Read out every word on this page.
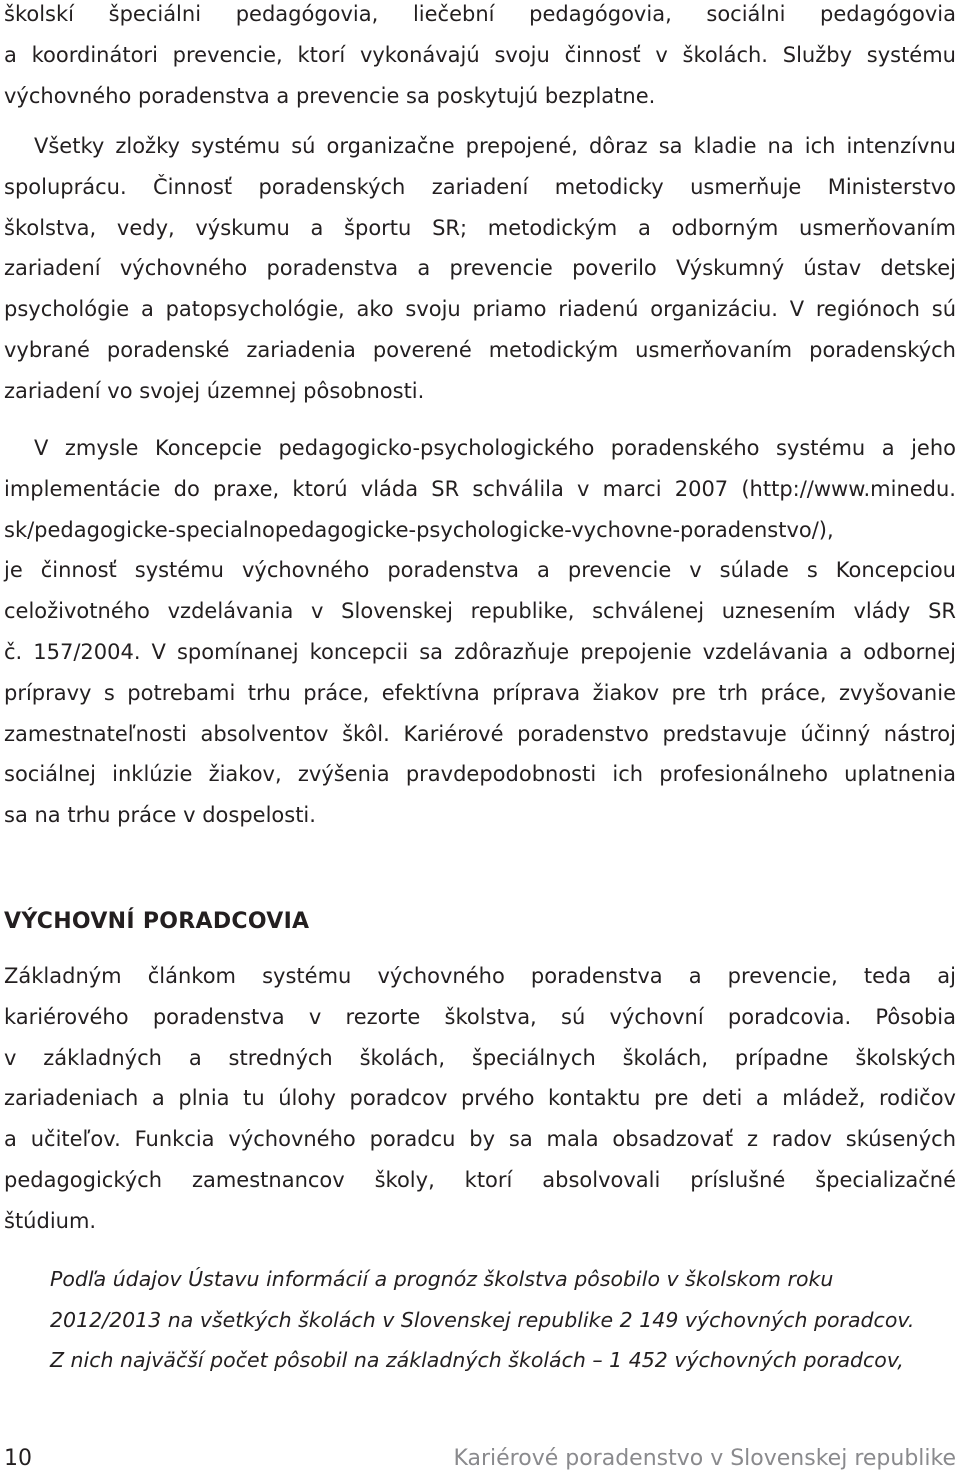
školskí špeciálni pedagógovia, liečební pedagógovia, sociálni pedagógovia
a koordinátori prevencie, ktorí vykonávajú svoju činnosť v školách. Služby systému
výchovného poradenstva a prevencie sa poskytujú bezplatne.
Všetky zložky systému sú organizačne prepojené, dôraz sa kladie na ich intenzívnu
spoluprácu. Činnosť poradenských zariadení metodicky usmerňuje Ministerstvo
školstva, vedy, výskumu a športu SR; metodickým a odborným usmerňovaním
zariadení výchovného poradenstva a prevencie poverilo Výskumný ústav detskej
psychológie a patopsychológie, ako svoju priamo riadenú organizáciu. V regiónoch sú
vybrané poradenské zariadenia poverené metodickým usmerňovaním poradenských
zariadení vo svojej územnej pôsobnosti.
V zmysle Koncepcie pedagogicko-psychologického poradenského systému a jeho
implementácie do praxe, ktorú vláda SR schválila v marci 2007 (http://www.minedu.
sk/pedagogicke-specialnopedagogicke-psychologicke-vychovne-poradenstvo/),
je činnosť systému výchovného poradenstva a prevencie v súlade s Koncepciou
celoživotného vzdelávania v Slovenskej republike, schválenej uznesením vlády SR
č. 157/2004. V spomínanej koncepcii sa zdôrazňuje prepojenie vzdelávania a odbornej
prípravy s potrebami trhu práce, efektívna príprava žiakov pre trh práce, zvyšovanie
zamestnateľnosti absolventov škôl. Kariérové poradenstvo predstavuje účinný nástroj
sociálnej inklúzie žiakov, zvýšenia pravdepodobnosti ich profesionálneho uplatnenia
sa na trhu práce v dospelosti.
VÝCHOVNÍ PORADCOVIA
Základným článkom systému výchovného poradenstva a prevencie, teda aj
kariérového poradenstva v rezorte školstva, sú výchovní poradcovia. Pôsobia
v základných a stredných školách, špeciálnych školách, prípadne školských
zariadeniach a plnia tu úlohy poradcov prvého kontaktu pre deti a mládež, rodičov
a učiteľov. Funkcia výchovného poradcu by sa mala obsadzovať z radov skúsených
pedagogických zamestnancov školy, ktorí absolvovali príslušné špecializačné
štúdium.
Podľa údajov Ústavu informácií a prognóz školstva pôsobilo v školskom roku
2012/2013 na všetkých školách v Slovenskej republike 2 149 výchovných poradcov.
Z nich najväčší počet pôsobil na základných školách – 1 452 výchovných poradcov,
10	Kariérové poradenstvo v Slovenskej republike
